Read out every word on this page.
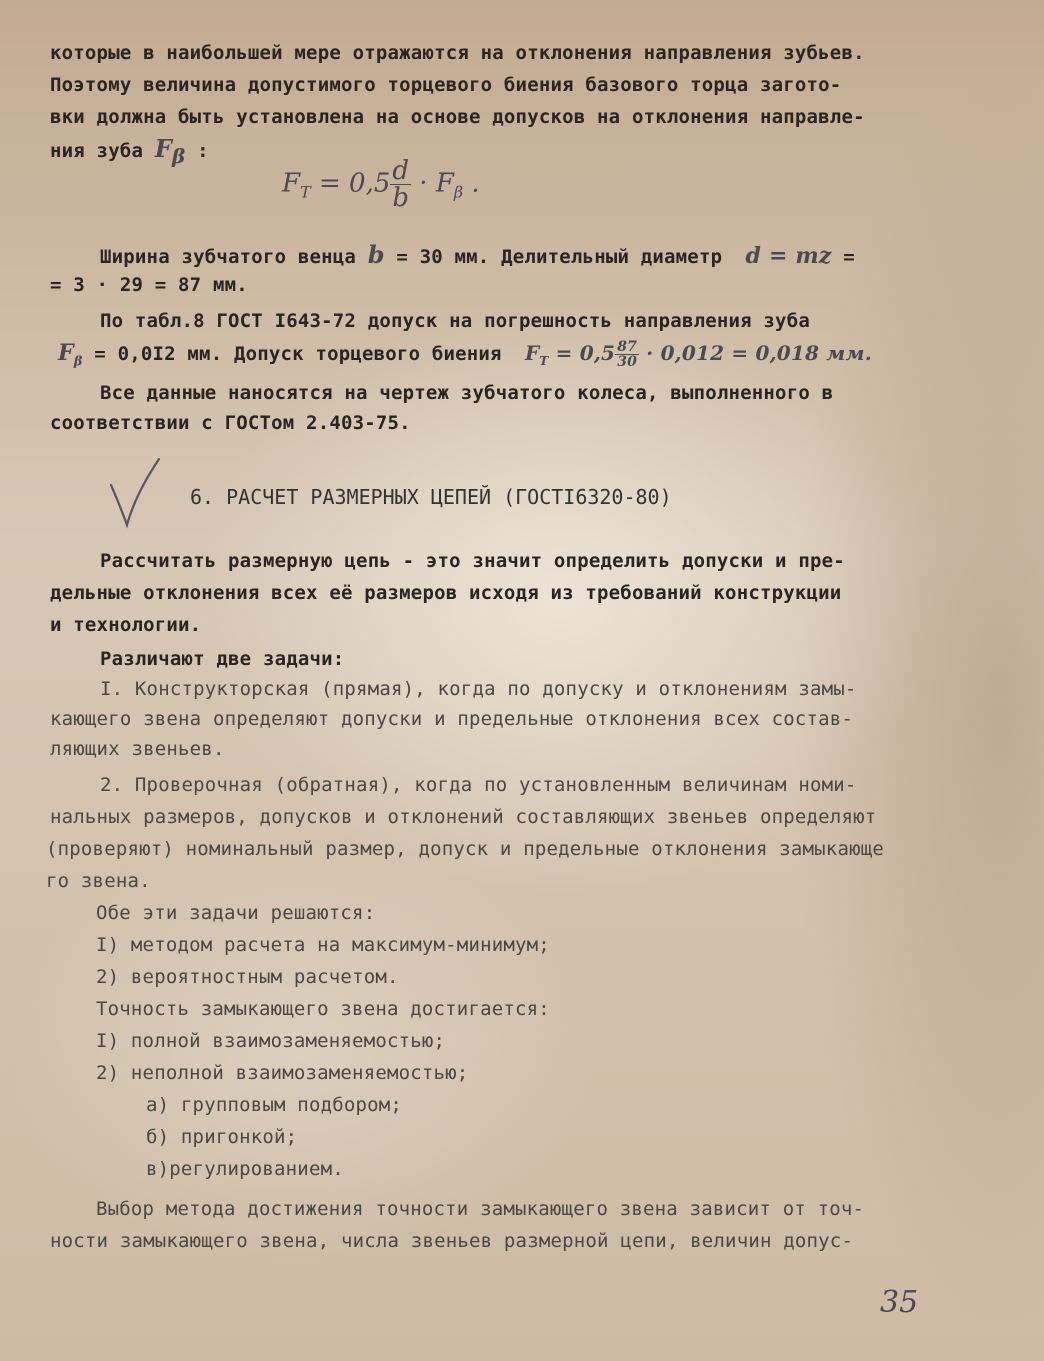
которые в наибольшей мере отражаются на отклонения направления зубьев.
Поэтому величина допустимого торцевого биения базового торца загото-
вки должна быть установлена на основе допусков на отклонения направле-
ния зуба $F_\beta$ :
$F_T = 0,5 \frac{d}{b} \cdot F_\beta$ .
Ширина зубчатого венца b = 30 мм. Делительный диаметр  d = mz =
= 3 · 29 = 87 мм.
По табл.8 ГОСТ I643-72 допуск на погрешность направления зуба
$F_\beta = 0,0I2$ мм. Допуск торцевого биения  $F_T = 0,5 \frac{87}{30} \cdot 0,012 = 0,018$ мм.
Все данные наносятся на чертеж зубчатого колеса, выполненного в
соответствии с ГОСТом 2.403-75.
6. РАСЧЕТ РАЗМЕРНЫХ ЦЕПЕЙ (ГОСТI6320-80)
Рассчитать размерную цепь - это значит определить допуски и пре-
дельные отклонения всех её размеров исходя из требований конструкции
и технологии.
Различают две задачи:
I. Конструкторская (прямая), когда по допуску и отклонениям замы-
кающего звена определяют допуски и предельные отклонения всех состав-
ляющих звеньев.
2. Проверочная (обратная), когда по установленным величинам номи-
нальных размеров, допусков и отклонений составляющих звеньев определяют
(проверяют) номинальный размер, допуск и предельные отклонения замыкающе
го звена.
Обе эти задачи решаются:
I) методом расчета на максимум-минимум;
2) вероятностным расчетом.
Точность замыкающего звена достигается:
I) полной взаимозаменяемостью;
2) неполной взаимозаменяемостью;
а) групповым подбором;
б) пригонкой;
в)регулированием.
Выбор метода достижения точности замыкающего звена зависит от точ-
ности замыкающего звена, числа звеньев размерной цепи, величин допус-
35
